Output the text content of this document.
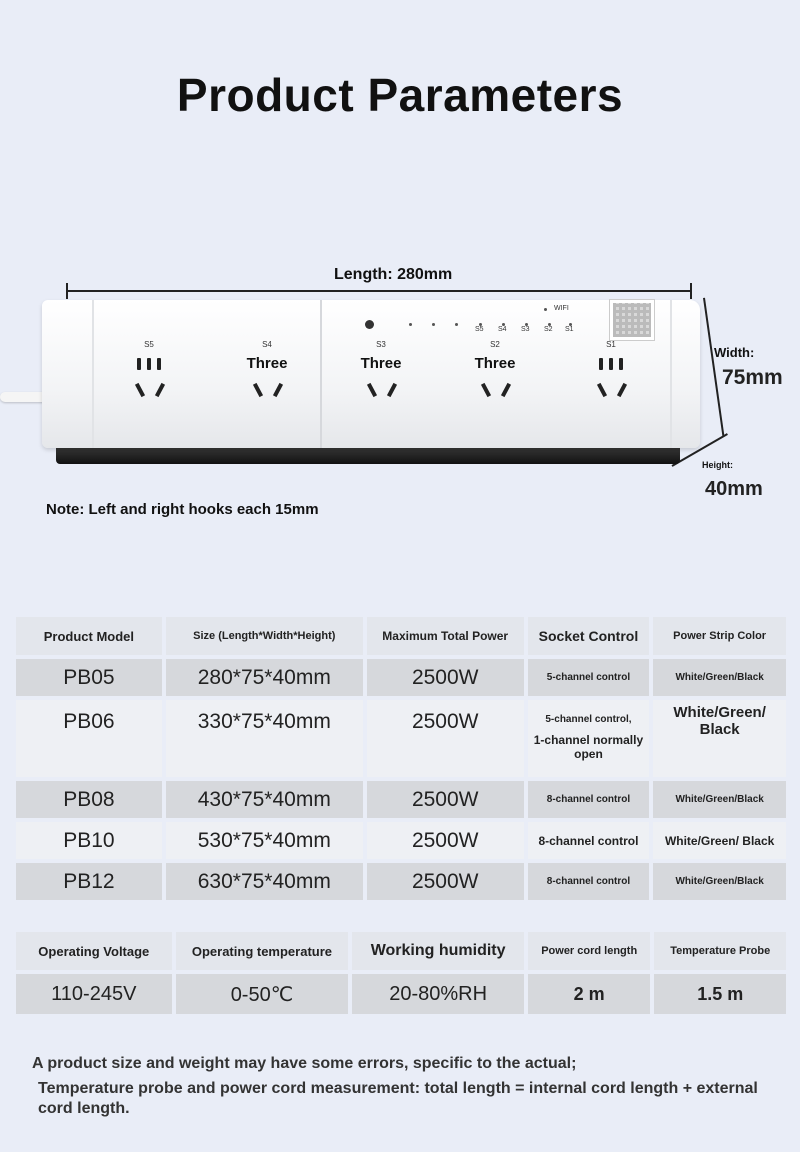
Product Parameters
Length: 280mm
Width:
75mm
Height:
40mm
WIFI
S5 S4 S3 S2 S1
S5	S4
Three
S3
Three
S2
Three
S1
Note: Left and right hooks each 15mm
Product Model	Size (Length*Width*Height)	Maximum Total Power	Socket Control	Power Strip Color
PB05	280*75*40mm	2500W	5-channel control	White/Green/Black
PB06	330*75*40mm	2500W	5-channel control,
1-channel normally open	White/Green/ Black
PB08	430*75*40mm	2500W	8-channel control	White/Green/Black
PB10	530*75*40mm	2500W	8-channel control	White/Green/ Black
PB12	630*75*40mm	2500W	8-channel control	White/Green/Black
Operating Voltage	Operating temperature	Working humidity	Power cord length	Temperature Probe
110-245V	0-50℃	20-80%RH	2 m	1.5 m
A product size and weight may have some errors, specific to the actual;
Temperature probe and power cord measurement: total length = internal cord length + external cord length.
